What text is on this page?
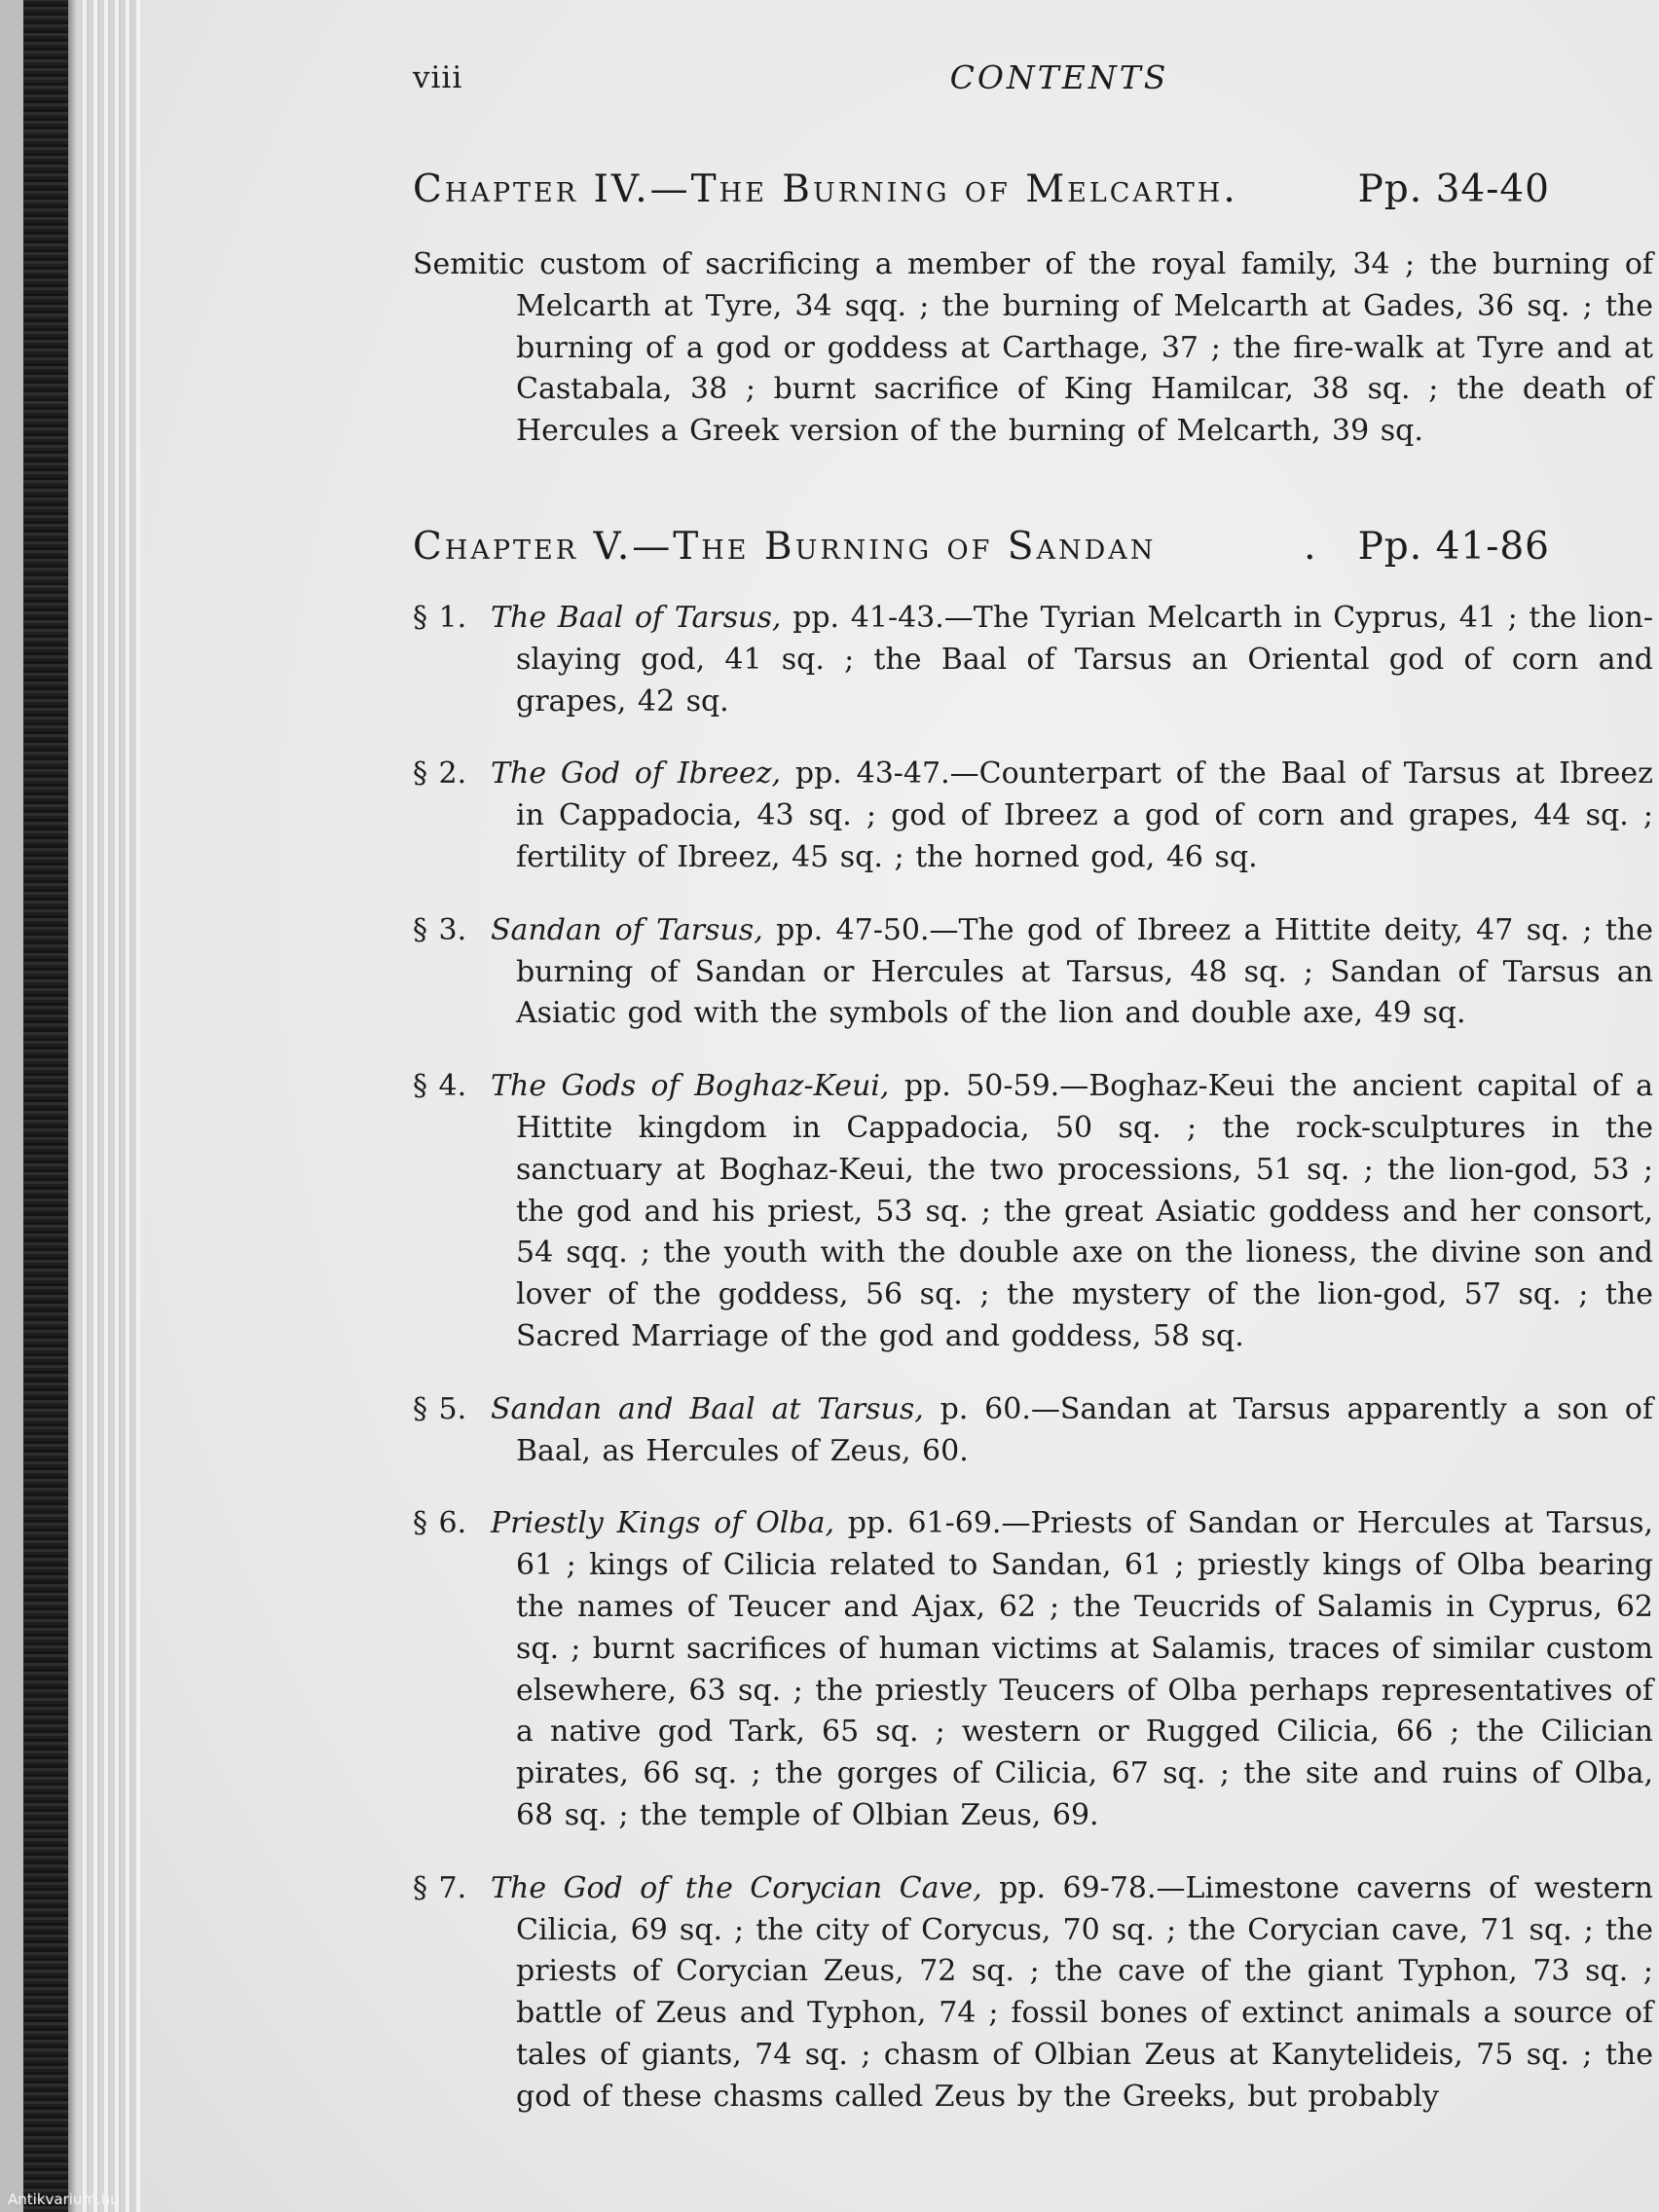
viii	CONTENTS
Chapter IV.—The Burning of Melcarth.	Pp. 34-40
Semitic custom of sacrificing a member of the royal family, 34 ; the burning of Melcarth at Tyre, 34 sqq. ; the burning of Melcarth at Gades, 36 sq. ; the burning of a god or goddess at Carthage, 37 ; the fire-walk at Tyre and at Castabala, 38 ; burnt sacrifice of King Hamilcar, 38 sq. ; the death of Hercules a Greek version of the burning of Melcarth, 39 sq.
Chapter V.—The Burning of Sandan	.	Pp. 41-86
§ 1. The Baal of Tarsus, pp. 41-43.—The Tyrian Melcarth in Cyprus, 41 ; the lion-slaying god, 41 sq. ; the Baal of Tarsus an Oriental god of corn and grapes, 42 sq.
§ 2. The God of Ibreez, pp. 43-47.—Counterpart of the Baal of Tarsus at Ibreez in Cappadocia, 43 sq. ; god of Ibreez a god of corn and grapes, 44 sq. ; fertility of Ibreez, 45 sq. ; the horned god, 46 sq.
§ 3. Sandan of Tarsus, pp. 47-50.—The god of Ibreez a Hittite deity, 47 sq. ; the burning of Sandan or Hercules at Tarsus, 48 sq. ; Sandan of Tarsus an Asiatic god with the symbols of the lion and double axe, 49 sq.
§ 4. The Gods of Boghaz-Keui, pp. 50-59.—Boghaz-Keui the ancient capital of a Hittite kingdom in Cappadocia, 50 sq. ; the rock-sculptures in the sanctuary at Boghaz-Keui, the two processions, 51 sq. ; the lion-god, 53 ; the god and his priest, 53 sq. ; the great Asiatic goddess and her consort, 54 sqq. ; the youth with the double axe on the lioness, the divine son and lover of the goddess, 56 sq. ; the mystery of the lion-god, 57 sq. ; the Sacred Marriage of the god and goddess, 58 sq.
§ 5. Sandan and Baal at Tarsus, p. 60.—Sandan at Tarsus apparently a son of Baal, as Hercules of Zeus, 60.
§ 6. Priestly Kings of Olba, pp. 61-69.—Priests of Sandan or Hercules at Tarsus, 61 ; kings of Cilicia related to Sandan, 61 ; priestly kings of Olba bearing the names of Teucer and Ajax, 62 ; the Teucrids of Salamis in Cyprus, 62 sq. ; burnt sacrifices of human victims at Salamis, traces of similar custom elsewhere, 63 sq. ; the priestly Teucers of Olba perhaps representatives of a native god Tark, 65 sq. ; western or Rugged Cilicia, 66 ; the Cilician pirates, 66 sq. ; the gorges of Cilicia, 67 sq. ; the site and ruins of Olba, 68 sq. ; the temple of Olbian Zeus, 69.
§ 7. The God of the Corycian Cave, pp. 69-78.—Limestone caverns of western Cilicia, 69 sq. ; the city of Corycus, 70 sq. ; the Corycian cave, 71 sq. ; the priests of Corycian Zeus, 72 sq. ; the cave of the giant Typhon, 73 sq. ; battle of Zeus and Typhon, 74 ; fossil bones of extinct animals a source of tales of giants, 74 sq. ; chasm of Olbian Zeus at Kanytelideis, 75 sq. ; the god of these chasms called Zeus by the Greeks, but probably
Antikvarium.hu
